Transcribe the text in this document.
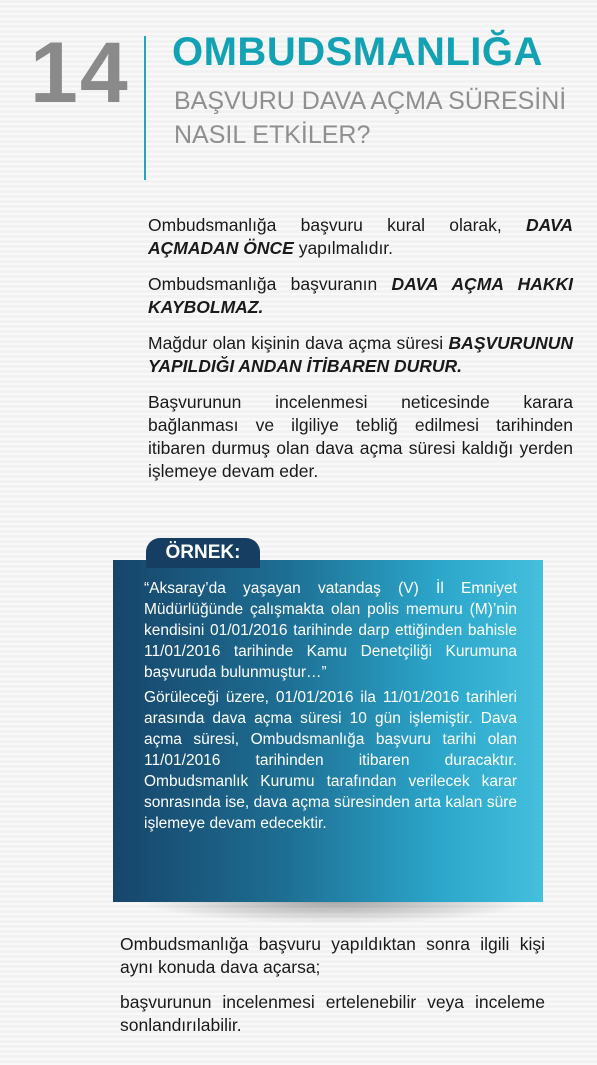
14 OMBUDSMANLIĞA
BAŞVURU DAVA AÇMA SÜRESİNİ NASIL ETKİLER?

Ombudsmanlığa başvuru kural olarak, DAVA AÇMADAN ÖNCE yapılmalıdır.

Ombudsmanlığa başvuranın DAVA AÇMA HAKKI KAYBOLMAZ.

Mağdur olan kişinin dava açma süresi BAŞVURUNUN YAPILDIĞI ANDAN İTİBAREN DURUR.

Başvurunun incelenmesi neticesinde karara bağlanması ve ilgiliye tebliğ edilmesi tarihinden itibaren durmuş olan dava açma süresi kaldığı yerden işlemeye devam eder.

“Aksaray’da yaşayan vatandaş (V) İl Emniyet Müdürlüğünde çalışmakta olan polis memuru (M)’nin kendisini 01/01/2016 tarihinde darp ettiğinden bahisle 11/01/2016 tarihinde Kamu Denetçiliği Kurumuna başvuruda bulunmuştur…”

Görüleceği üzere, 01/01/2016 ila 11/01/2016 tarihleri arasında dava açma süresi 10 gün işlemiştir. Dava açma süresi, Ombudsmanlığa başvuru tarihi olan 11/01/2016 tarihinden itibaren duracaktır. Ombudsmanlık Kurumu tarafından verilecek karar sonrasında ise, dava açma süresinden arta kalan süre işlemeye devam edecektir.

ÖRNEK:

Ombudsmanlığa başvuru yapıldıktan sonra ilgili kişi aynı konuda dava açarsa;

başvurunun incelenmesi ertelenebilir veya inceleme sonlandırılabilir.
